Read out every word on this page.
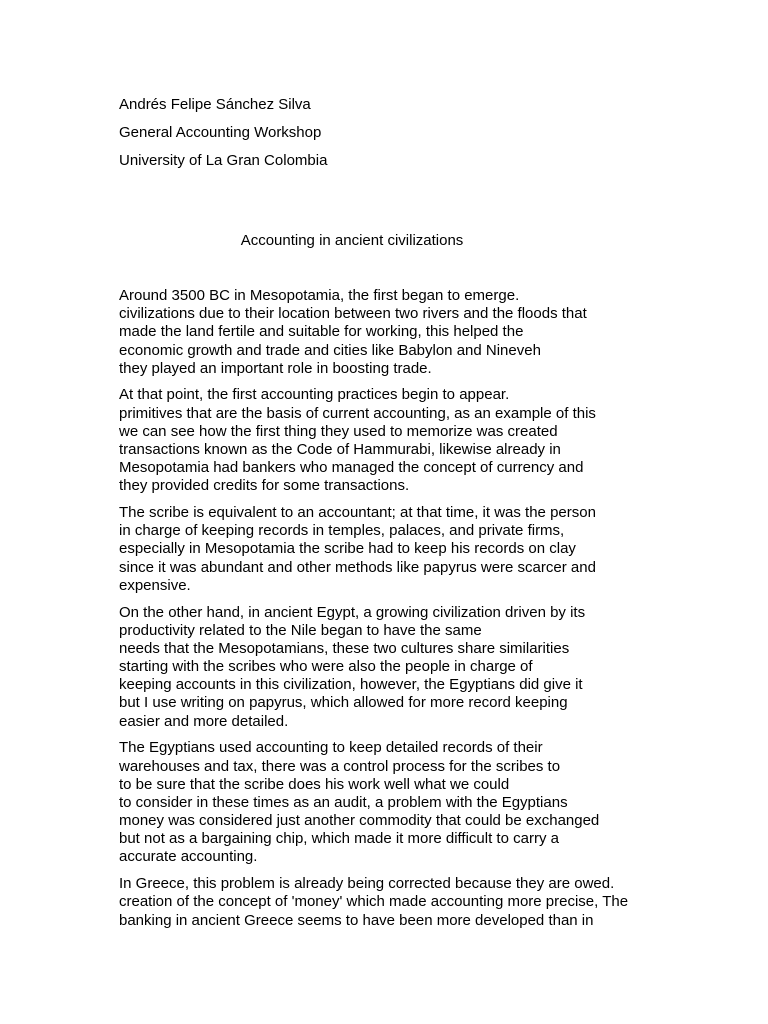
Andrés Felipe Sánchez Silva
General Accounting Workshop
University of La Gran Colombia
Accounting in ancient civilizations
Around 3500 BC in Mesopotamia, the first began to emerge.
civilizations due to their location between two rivers and the floods that
made the land fertile and suitable for working, this helped the
economic growth and trade and cities like Babylon and Nineveh
they played an important role in boosting trade.
At that point, the first accounting practices begin to appear.
primitives that are the basis of current accounting, as an example of this
we can see how the first thing they used to memorize was created
transactions known as the Code of Hammurabi, likewise already in
Mesopotamia had bankers who managed the concept of currency and
they provided credits for some transactions.
The scribe is equivalent to an accountant; at that time, it was the person
in charge of keeping records in temples, palaces, and private firms,
especially in Mesopotamia the scribe had to keep his records on clay
since it was abundant and other methods like papyrus were scarcer and
expensive.
On the other hand, in ancient Egypt, a growing civilization driven by its
productivity related to the Nile began to have the same
needs that the Mesopotamians, these two cultures share similarities
starting with the scribes who were also the people in charge of
keeping accounts in this civilization, however, the Egyptians did give it
but I use writing on papyrus, which allowed for more record keeping
easier and more detailed.
The Egyptians used accounting to keep detailed records of their
warehouses and tax, there was a control process for the scribes to
to be sure that the scribe does his work well what we could
to consider in these times as an audit, a problem with the Egyptians
money was considered just another commodity that could be exchanged
but not as a bargaining chip, which made it more difficult to carry a
accurate accounting.
In Greece, this problem is already being corrected because they are owed.
creation of the concept of 'money' which made accounting more precise, The
banking in ancient Greece seems to have been more developed than in
